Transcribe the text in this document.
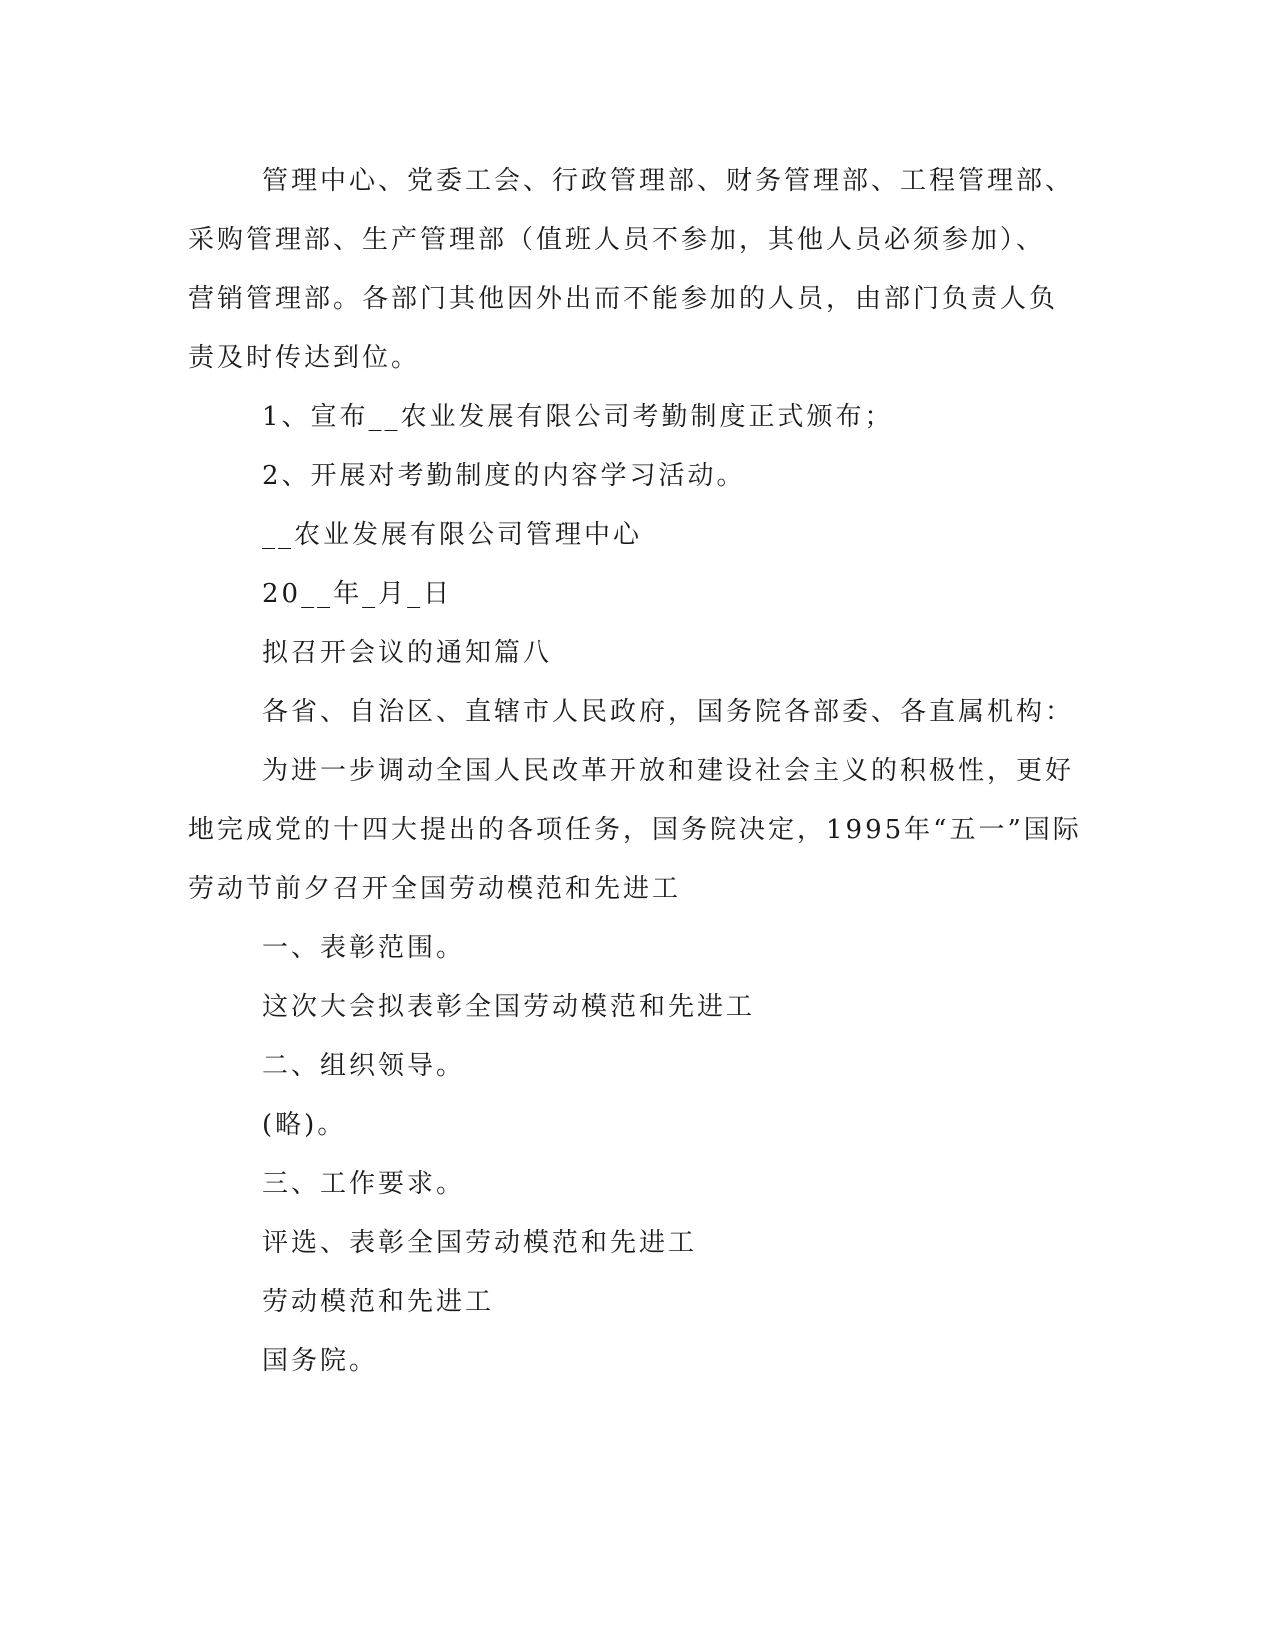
管理中心、党委工会、行政管理部、财务管理部、工程管理部、
采购管理部、生产管理部（值班人员不参加，其他人员必须参加）、
营销管理部。各部门其他因外出而不能参加的人员，由部门负责人负
责及时传达到位。
1、宣布__农业发展有限公司考勤制度正式颁布；
2、开展对考勤制度的内容学习活动。
__农业发展有限公司管理中心
20__年_月_日
拟召开会议的通知篇八
各省、自治区、直辖市人民政府，国务院各部委、各直属机构：
为进一步调动全国人民改革开放和建设社会主义的积极性，更好
地完成党的十四大提出的各项任务，国务院决定，1995年“五一”国际
劳动节前夕召开全国劳动模范和先进工
一、表彰范围。
这次大会拟表彰全国劳动模范和先进工
二、组织领导。
(略)。
三、工作要求。
评选、表彰全国劳动模范和先进工
劳动模范和先进工
国务院。
